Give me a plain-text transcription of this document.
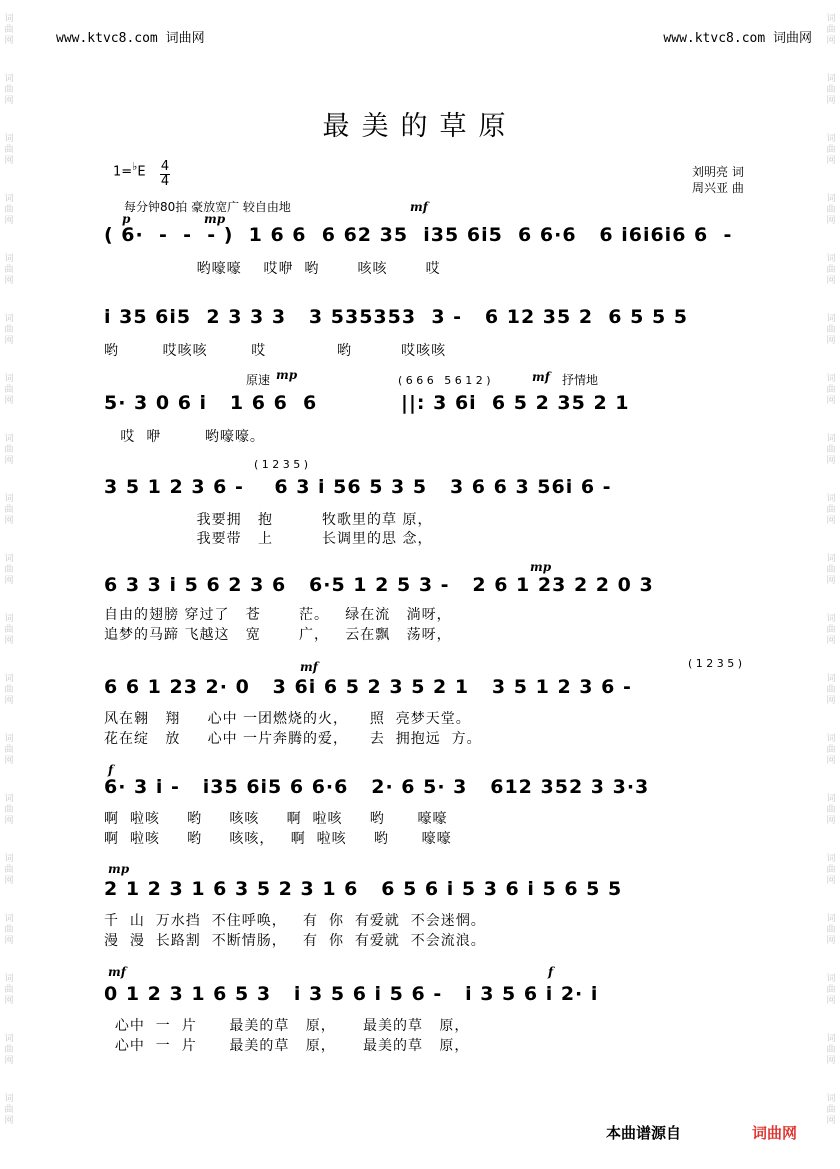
www.ktvc8.com 词曲网	www.ktvc8.com 词曲网
词
曲
网
词
曲
网
词
曲
网
词
曲
网
词
曲
网
词
曲
网
词
曲
网
词
曲
网
词
曲
网
词
曲
网
词
曲
网
词
曲
网
词
曲
网
词
曲
网
词
曲
网
词
曲
网
词
曲
网
词
曲
网
词
曲
网
词
曲
网
词
曲
网
词
曲
网
词
曲
网
词
曲
网
词
曲
网
词
曲
网
词
曲
网
词
曲
网
词
曲
网
词
曲
网
词
曲
网
词
曲
网
词
曲
网
词
曲
网
词
曲
网
词
曲
网
词
曲
网
词
曲
网
最美的草原
1=♭E 4
4
刘明亮 词
周兴亚 曲
每分钟80拍 豪放宽广 较自由地
p	mp
mf
原速 mp	( 6 6 6   5 6 1 2 )	mf 抒情地
( 1 2 3 5 )
mp
mf	( 1 2 3 5 )
f
mp
mf	f
( 6·  -  -  - )  1 6 6  6 62 35  i35 6i5  6 6·6   6 i6i6i6 6  -
哟嚎嚎    哎咿  哟       咳咳       哎
i 35 6i5  2 3 3 3   3 535353  3 -   6 12 35 2  6 5 5 5
哟        哎咳咳        哎             哟         哎咳咳
5· 3 0 6 i   1 6 6  6           ||: 3 6i  6 5 2 35 2 1
哎  咿        哟嚎嚎。
3 5 1 2 3 6 -    6 3 i 56 5 3 5   3 6 6 3 56i 6 -
我要拥   抱         牧歌里的草 原，
我要带   上         长调里的思 念，
6 3 3 i 5 6 2 3 6   6·5 1 2 5 3 -   2 6 1 23 2 2 0 3
自由的翅膀 穿过了   苍       茫。   绿在流   淌呀，
追梦的马蹄 飞越这   宽       广，   云在飘   荡呀，
6 6 1 23 2· 0   3 6i 6 5 2 3 5 2 1   3 5 1 2 3 6 -
风在翱   翔     心中 一团燃烧的火，    照  亮梦天堂。
花在绽   放     心中 一片奔腾的爱，    去  拥抱远  方。
6· 3 i -   i35 6i5 6 6·6   2· 6 5· 3   612 352 3 3·3
啊  啦咳     哟     咳咳     啊  啦咳     哟      嚎嚎
啊  啦咳     哟     咳咳，   啊  啦咳     哟      嚎嚎
2 1 2 3 1 6 3 5 2 3 1 6   6 5 6 i 5 3 6 i 5 6 5 5
千  山  万水挡  不住呼唤，   有  你  有爱就  不会迷惘。
漫  漫  长路割  不断情肠，   有  你  有爱就  不会流浪。
0 1 2 3 1 6 5 3   i 3 5 6 i 5 6 -   i 3 5 6 i 2· i
心中  一  片      最美的草   原，     最美的草   原，
心中  一  片      最美的草   原，     最美的草   原，
本曲谱源自	词曲网
